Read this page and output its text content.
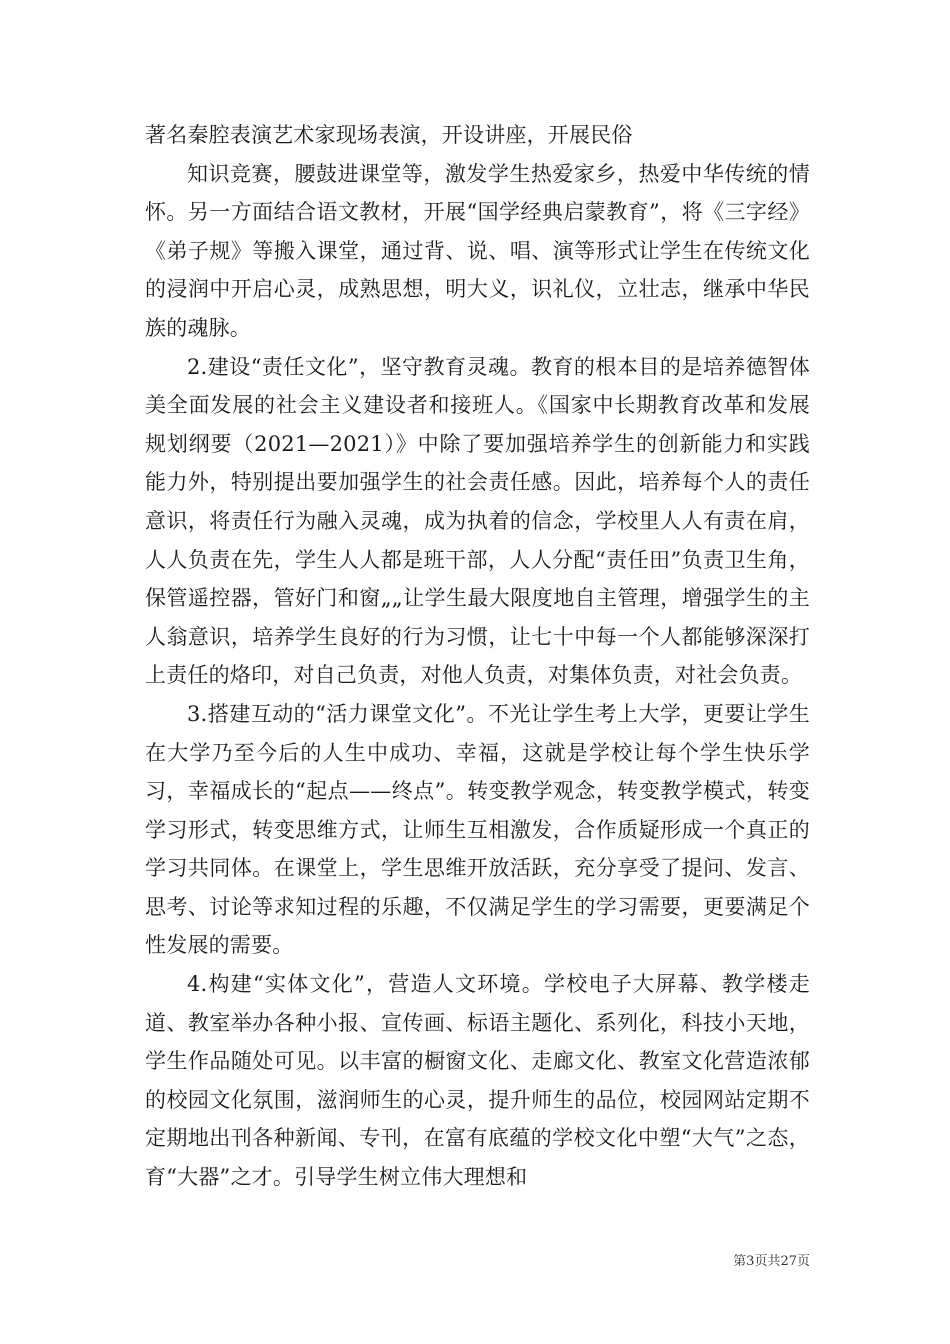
著名秦腔表演艺术家现场表演，开设讲座，开展民俗

知识竞赛，腰鼓进课堂等，激发学生热爱家乡，热爱中华传统的情怀。另一方面结合语文教材，开展“国学经典启蒙教育”，将《三字经》《弟子规》等搬入课堂，通过背、说、唱、演等形式让学生在传统文化的浸润中开启心灵，成熟思想，明大义，识礼仪，立壮志，继承中华民族的魂脉。

2.建设“责任文化”，坚守教育灵魂。教育的根本目的是培养德智体美全面发展的社会主义建设者和接班人。《国家中长期教育改革和发展规划纲要（2021—2021）》中除了要加强培养学生的创新能力和实践能力外，特别提出要加强学生的社会责任感。因此，培养每个人的责任意识，将责任行为融入灵魂，成为执着的信念，学校里人人有责在肩，人人负责在先，学生人人都是班干部，人人分配“责任田”负责卫生角，保管遥控器，管好门和窗„„让学生最大限度地自主管理，增强学生的主人翁意识，培养学生良好的行为习惯，让七十中每一个人都能够深深打上责任的烙印，对自己负责，对他人负责，对集体负责，对社会负责。

3.搭建互动的“活力课堂文化”。不光让学生考上大学，更要让学生在大学乃至今后的人生中成功、幸福，这就是学校让每个学生快乐学习，幸福成长的“起点——终点”。转变教学观念，转变教学模式，转变学习形式，转变思维方式，让师生互相激发，合作质疑形成一个真正的学习共同体。在课堂上，学生思维开放活跃，充分享受了提问、发言、思考、讨论等求知过程的乐趣，不仅满足学生的学习需要，更要满足个性发展的需要。

4.构建“实体文化”，营造人文环境。学校电子大屏幕、教学楼走道、教室举办各种小报、宣传画、标语主题化、系列化，科技小天地，学生作品随处可见。以丰富的橱窗文化、走廊文化、教室文化营造浓郁的校园文化氛围，滋润师生的心灵，提升师生的品位，校园网站定期不定期地出刊各种新闻、专刊，在富有底蕴的学校文化中塑“大气”之态，育“大器”之才。引导学生树立伟大理想和

第3页共27页
